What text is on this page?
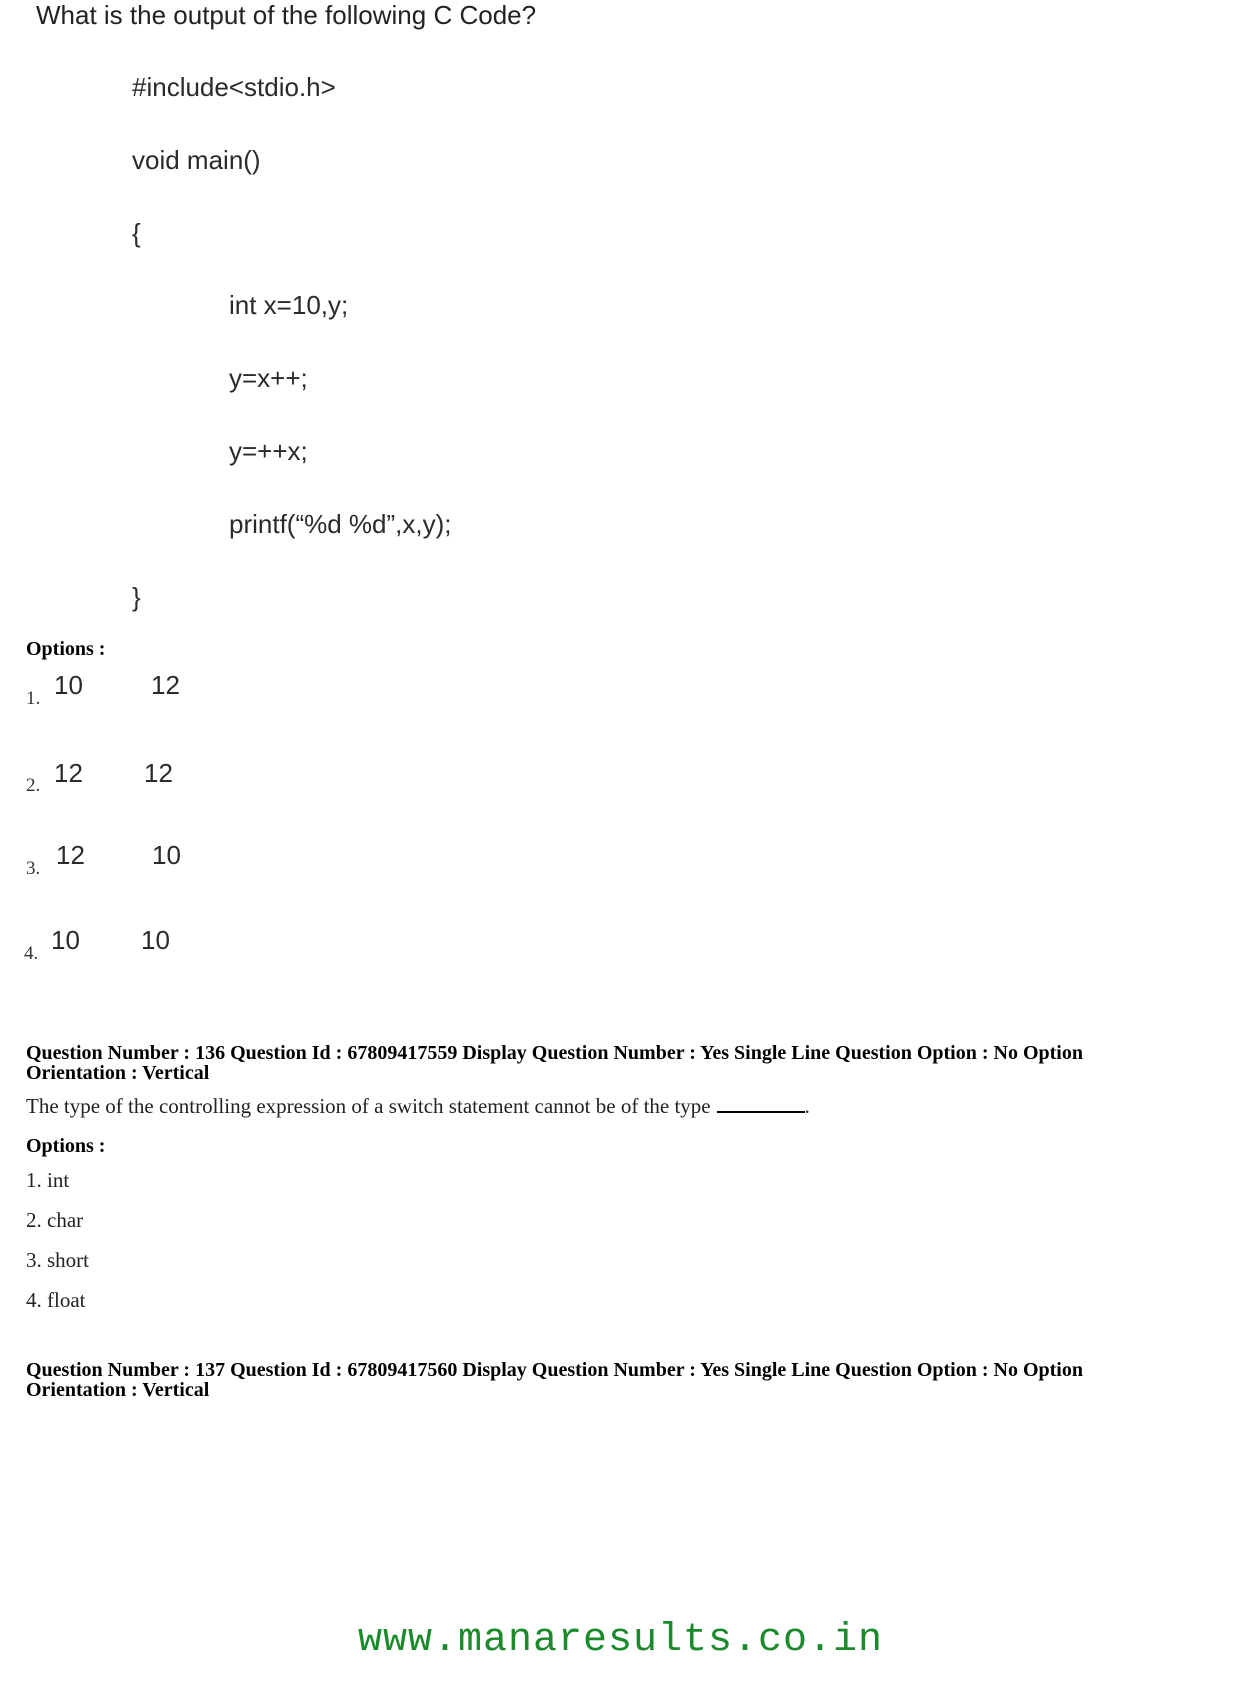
What is the output of the following C Code?
#include<stdio.h>
void main()
{
int x=10,y;
y=x++;
y=++x;
printf(“%d %d”,x,y);
}
Options :
1. 10	12
2. 12 12
3. 12	10
4. 10 10
Question Number : 136 Question Id : 67809417559 Display Question Number : Yes Single Line Question Option : No Option
Orientation : Vertical
The type of the controlling expression of a switch statement cannot be of the type	.
Options :
1. int
2. char
3. short
4. float
Question Number : 137 Question Id : 67809417560 Display Question Number : Yes Single Line Question Option : No Option
Orientation : Vertical
www.manaresults.co.in
